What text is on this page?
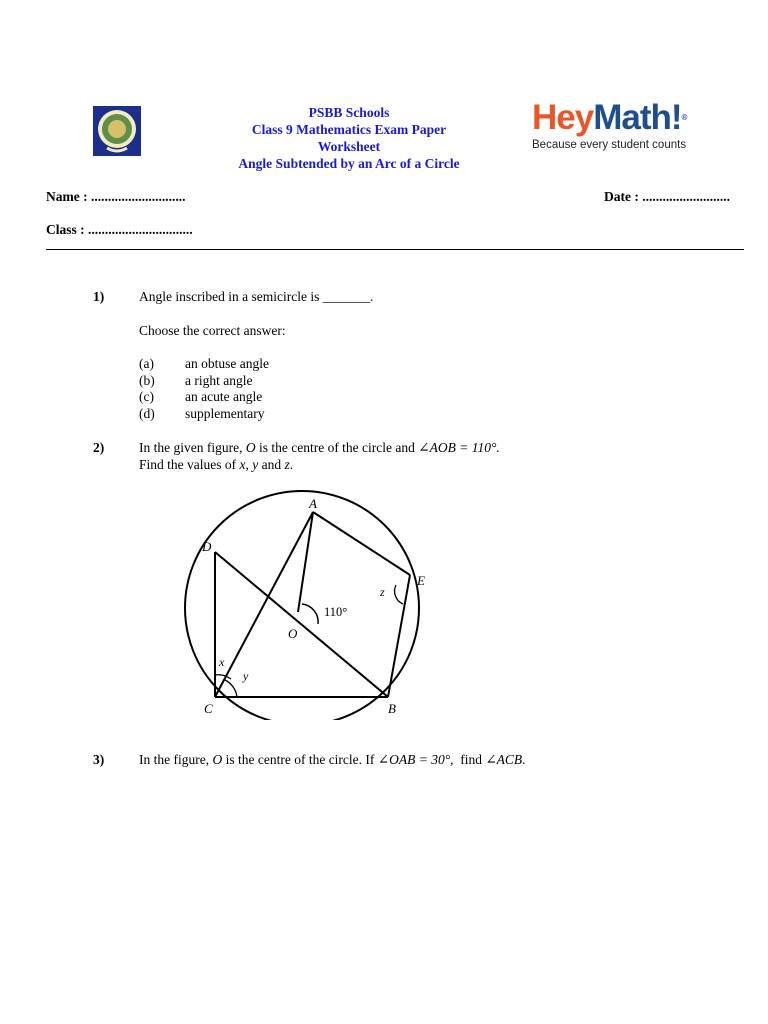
PSBB Schools
Class 9 Mathematics Exam Paper
Worksheet
Angle Subtended by an Arc of a Circle
HeyMath!®
Because every student counts
Name : ............................	Date : ..........................
Class : ...............................
1)	Angle inscribed in a semicircle is _______.
Choose the correct answer:
(a) an obtuse angle
(b) a right angle
(c) an acute angle
(d) supplementary
2)	In the given figure, O is the centre of the circle and ∠AOB = 110°.
Find the values of x, y and z.
A
B
C
D
E
O
110°
x
y
z
3)	In the figure, O is the centre of the circle. If ∠OAB = 30°,  find ∠ACB.
